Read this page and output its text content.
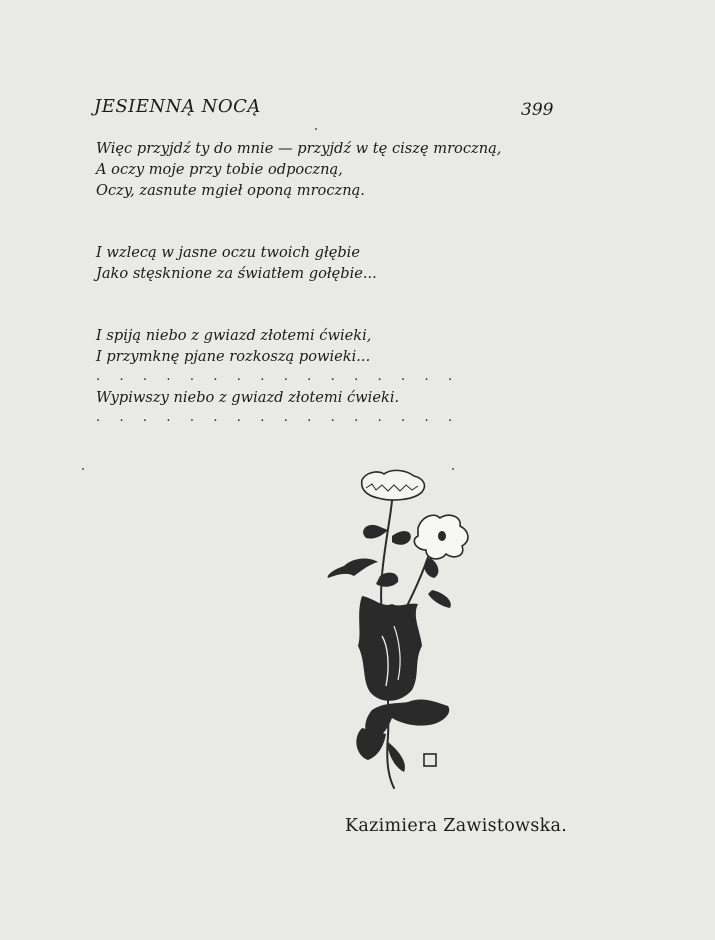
JESIENNĄ NOCĄ	399
Więc przyjdź ty do mnie — przyjdź w tę ciszę mroczną,
A oczy moje przy tobie odpoczną,
Oczy, zasnute mgieł oponą mroczną.
I wzlecą w jasne oczu twoich głębie
Jako stęsknione za światłem gołębie...
I spiją niebo z gwiazd złotemi ćwieki,
I przymknę pjane rozkoszą powieki...
. . . . . . . . . . . . . . . .
Wypiwszy niebo z gwiazd złotemi ćwieki.
. . . . . . . . . . . . . . . .
Kazimiera Zawistowska.
